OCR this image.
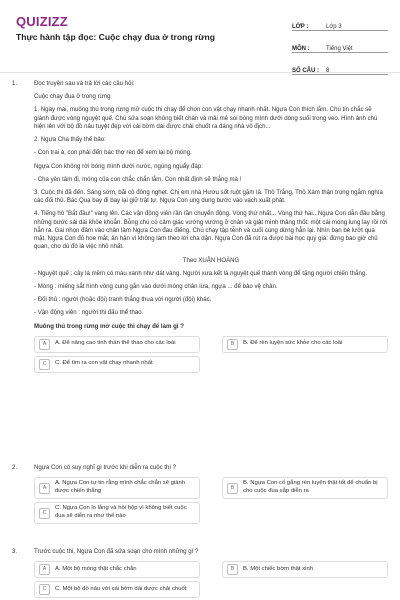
QUIZIZZ
Thực hành tập đọc: Cuộc chạy đua ở trong rừng
LỚP :	Lớp 3
MÔN :	Tiếng Việt
SỐ CÂU :	8
1.	Đọc truyện sau và trả lời các câu hỏi:

Cuộc chạy đua ở trong rừng

1. Ngày mai, muông thú trong rừng mở cuộc thi chạy để chọn con vật chạy nhanh nhất. Ngựa Con thích lắm. Chú tin chắc sẽ giành được vòng nguyệt quế. Chú sửa soạn không biết chán và mải mê soi bóng mình dưới dòng suối trong veo. Hình ảnh chú hiện lên với bộ đồ nâu tuyệt đẹp với cái bờm dài được chải chuốt ra dáng nhà vô địch...

2. Ngựa Cha thấy thế bảo:

- Con trai à, con phải đến bác thợ rèn để xem lại bộ móng.

Ngựa Con không rời bóng mình dưới nước, ngúng nguẩy đáp:

- Cha yên tâm đi, móng của con chắc chắn lắm. Con nhất định sẽ thắng mà !

3. Cuộc thi đã đến. Sáng sớm, bãi cỏ đông nghẹt. Chị em nhà Hươu sốt ruột gặm lá. Thỏ Trắng, Thỏ Xám thận trọng ngắm nghía các đối thủ. Bác Quạ bay đi bay lại giữ trật tự. Ngựa Con ung dung bước vào vạch xuất phát.

4. Tiếng hô "Bắt đầu!" vang lên. Các vận động viên rần rần chuyển động. Vòng thứ nhất... Vòng thứ hai...Ngựa Con dẫn đầu bằng những bước sải dài khỏe khoắn. Bỗng chú có cảm giác vướng vướng ở chân và giật mình thảng thốt: một cái móng lung lay rồi rời hẳn ra. Gai nhọn đâm vào chân làm Ngựa Con đau điếng. Chú chạy tập tễnh và cuối cùng dừng hẳn lại. Nhìn bạn bè lướt qua mặt, Ngựa Con đỏ hoe mắt, ân hận vì không làm theo lời cha dặn. Ngựa Con đã rút ra được bài học quý giá: đừng bao giờ chủ quan, cho dù đó là việc nhỏ nhất.

Theo XUÂN HOÀNG

- Nguyệt quế : cây lá mềm có màu xanh như dát vàng. Người xưa kết lá nguyệt quế thành vòng để tặng người chiến thắng.

- Móng : miếng sắt hình vòng cung gắn vào dưới móng chân lừa, ngựa ... để bảo vệ chân.

- Đối thủ : người (hoặc đội) tranh thắng thua với người (đội) khác.

- Vận động viên : người thi đấu thể thao.

Muông thú trong rừng mở cuộc thi chạy để làm gì ?

A	A. Để nâng cao tinh thần thể thao cho các loài	B	B. Để rèn luyện sức khỏe cho các loài
C	C. Để tìm ra con vật chạy nhanh nhất
2.	Ngựa Con có suy nghĩ gì trước khi diễn ra cuộc thi ?

A
A. Ngựa Con tự tin rằng mình chắc chắn sẽ giành được chiến thắng
B
B. Ngựa Con cố gắng rèn luyện thật tốt để chuẩn bị cho cuộc đua sắp diễn ra
C
C. Ngựa Con lo lắng và hồi hộp vì không biết cuộc đua sẽ diễn ra như thế nào
3.	Trước cuộc thi, Ngựa Con đã sửa soạn cho mình những gì ?

A	A. Một bộ móng thật chắc chắn	B	B. Một chiếc bờm thật xinh
C	C. Một bộ đồ nâu với cái bờm dài được chải chuốt
